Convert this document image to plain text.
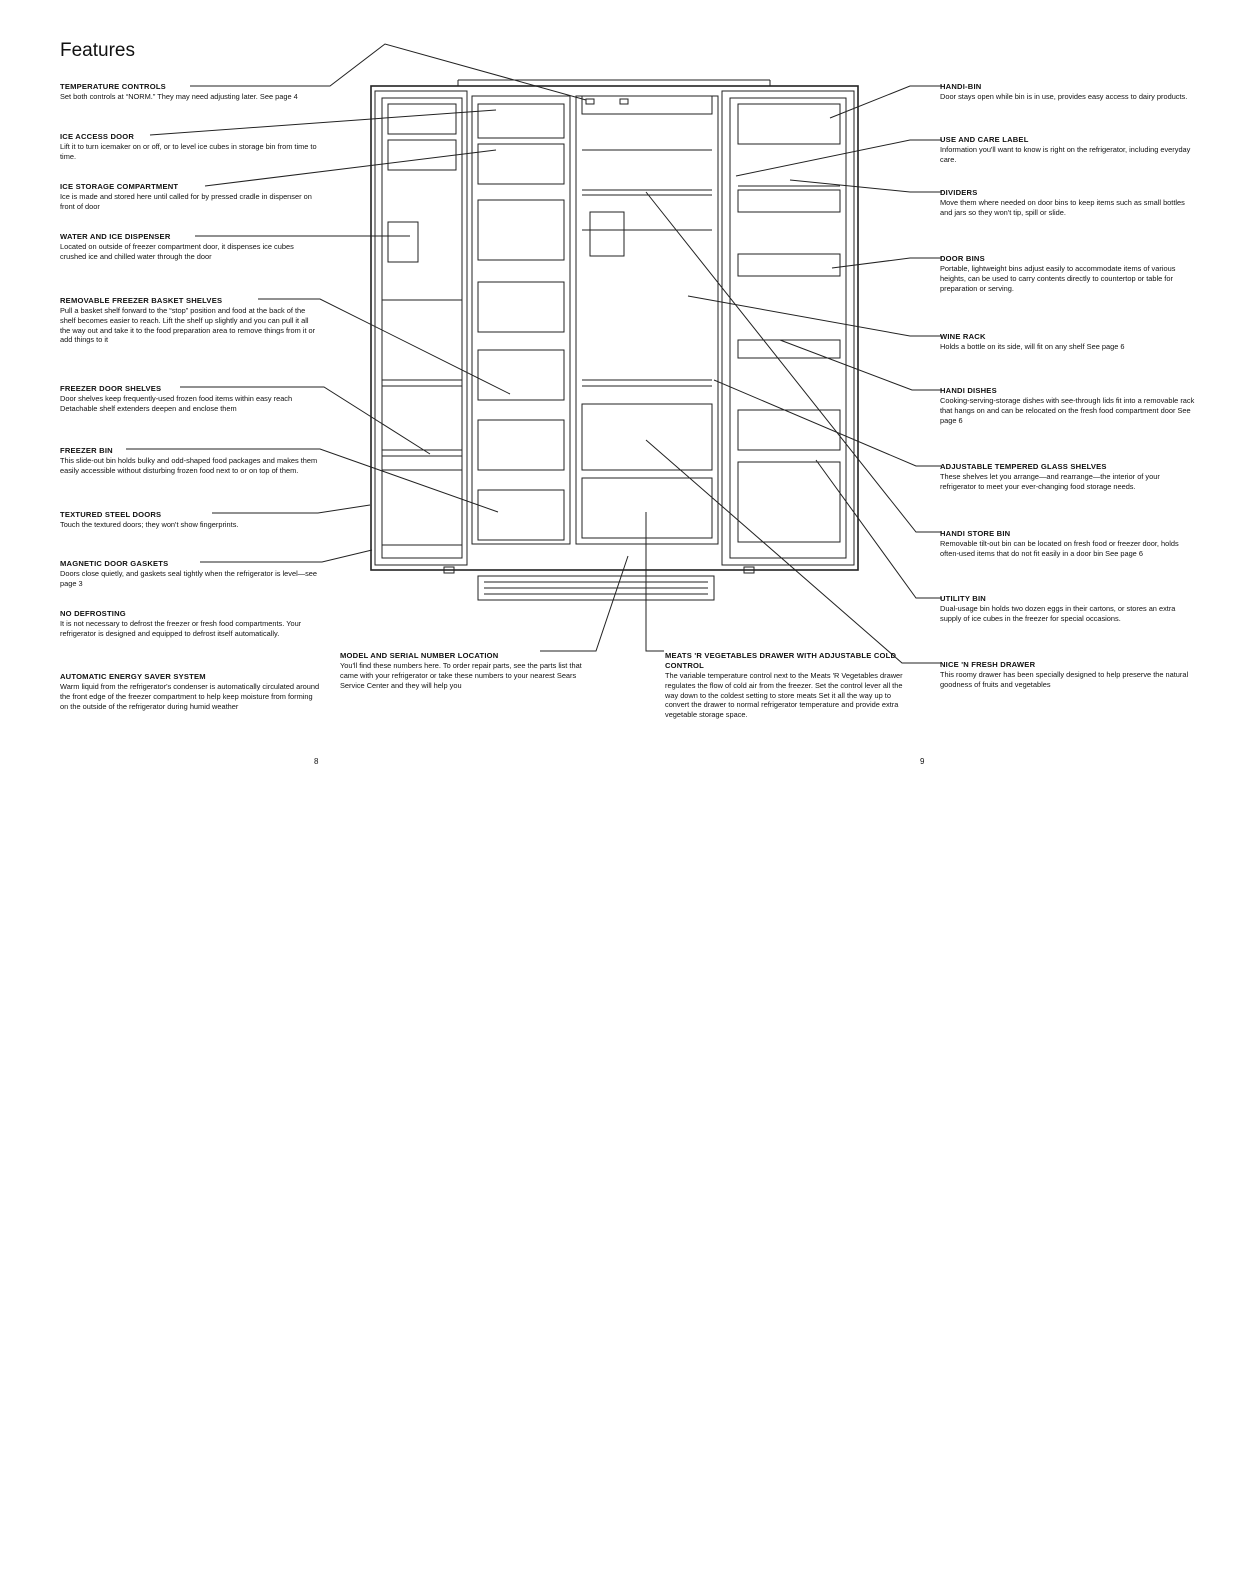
Features
TEMPERATURE CONTROLS
Set both controls at “NORM.” They may need adjusting later. See page 4
ICE ACCESS DOOR
Lift it to turn icemaker on or off, or to level ice cubes in storage bin from time to time.
ICE STORAGE COMPARTMENT
Ice is made and stored here until called for by pressed cradle in dispenser on front of door
WATER AND ICE DISPENSER
Located on outside of freezer compartment door, it dispenses ice cubes crushed ice and chilled water through the door
REMOVABLE FREEZER BASKET SHELVES
Pull a basket shelf forward to the “stop” position and food at the back of the shelf becomes easier to reach. Lift the shelf up slightly and you can pull it all the way out and take it to the food preparation area to remove things from it or add things to it
FREEZER DOOR SHELVES
Door shelves keep frequently-used frozen food items within easy reach Detachable shelf extenders deepen and enclose them
FREEZER BIN
This slide-out bin holds bulky and odd-shaped food packages and makes them easily accessible without disturbing frozen food next to or on top of them.
TEXTURED STEEL DOORS
Touch the textured doors; they won't show fingerprints.
MAGNETIC DOOR GASKETS
Doors close quietly, and gaskets seal tightly when the refrigerator is level—see page 3
NO DEFROSTING
It is not necessary to defrost the freezer or fresh food compartments. Your refrigerator is designed and equipped to defrost itself automatically.
AUTOMATIC ENERGY SAVER SYSTEM
Warm liquid from the refrigerator's condenser is automatically circulated around the front edge of the freezer compartment to help keep moisture from forming on the outside of the refrigerator during humid weather
HANDI-BIN
Door stays open while bin is in use, provides easy access to dairy products.
USE AND CARE LABEL
Information you'll want to know is right on the refrigerator, including everyday care.
DIVIDERS
Move them where needed on door bins to keep items such as small bottles and jars so they won't tip, spill or slide.
DOOR BINS
Portable, lightweight bins adjust easily to accommodate items of various heights, can be used to carry contents directly to countertop or table for preparation or serving.
WINE RACK
Holds a bottle on its side, will fit on any shelf See page 6
HANDI DISHES
Cooking-serving-storage dishes with see-through lids fit into a removable rack that hangs on and can be relocated on the fresh food compartment door See page 6
ADJUSTABLE TEMPERED GLASS SHELVES
These shelves let you arrange—and rearrange—the interior of your refrigerator to meet your ever-changing food storage needs.
HANDI STORE BIN
Removable tilt-out bin can be located on fresh food or freezer door, holds often-used items that do not fit easily in a door bin See page 6
UTILITY BIN
Dual-usage bin holds two dozen eggs in their cartons, or stores an extra supply of ice cubes in the freezer for special occasions.
NICE 'N FRESH DRAWER
This roomy drawer has been specially designed to help preserve the natural goodness of fruits and vegetables
MODEL AND SERIAL NUMBER LOCATION
You'll find these numbers here. To order repair parts, see the parts list that came with your refrigerator or take these numbers to your nearest Sears Service Center and they will help you
MEATS 'R VEGETABLES DRAWER WITH ADJUSTABLE COLD CONTROL
The variable temperature control next to the Meats 'R Vegetables drawer regulates the flow of cold air from the freezer. Set the control lever all the way down to the coldest setting to store meats Set it all the way up to convert the drawer to normal refrigerator temperature and provide extra vegetable storage space.
8	9
